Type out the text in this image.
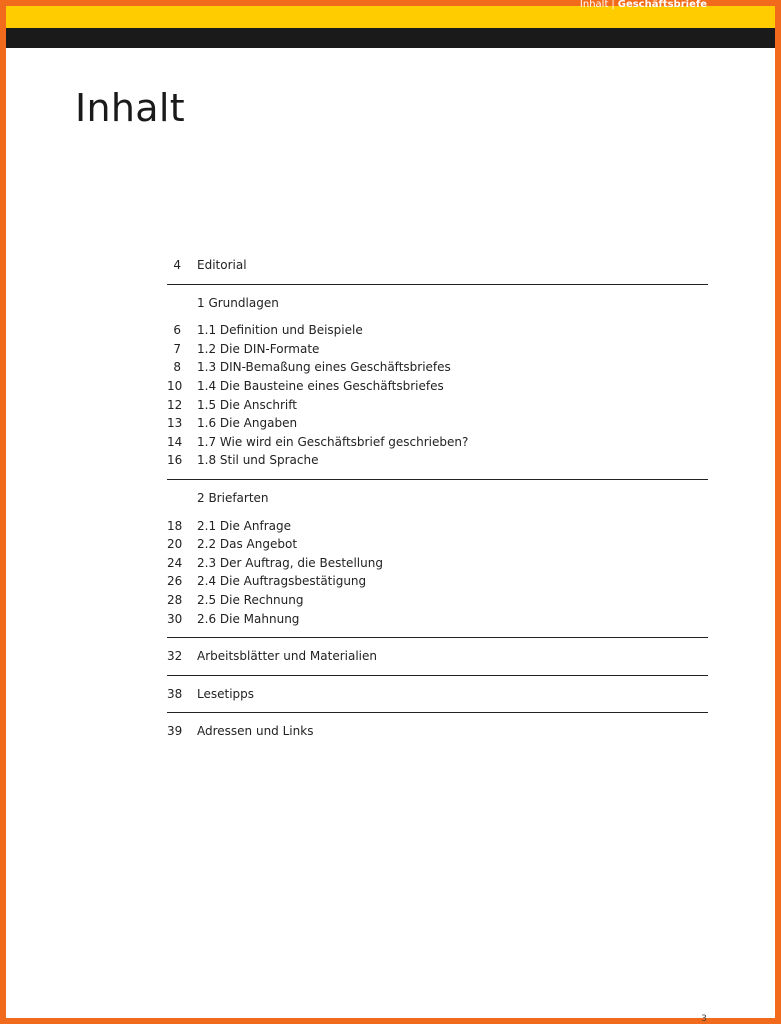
Inhalt | Geschäftsbriefe
Inhalt
4 Editorial
1 Grundlagen
6 1.1 Definition und Beispiele
7 1.2 Die DIN-Formate
8 1.3 DIN-Bemaßung eines Geschäftsbriefes
10 1.4 Die Bausteine eines Geschäftsbriefes
12 1.5 Die Anschrift
13 1.6 Die Angaben
14 1.7 Wie wird ein Geschäftsbrief geschrieben?
16 1.8 Stil und Sprache
2 Briefarten
18 2.1 Die Anfrage
20 2.2 Das Angebot
24 2.3 Der Auftrag, die Bestellung
26 2.4 Die Auftragsbestätigung
28 2.5 Die Rechnung
30 2.6 Die Mahnung
32 Arbeitsblätter und Materialien
38 Lesetipps
39 Adressen und Links
3
